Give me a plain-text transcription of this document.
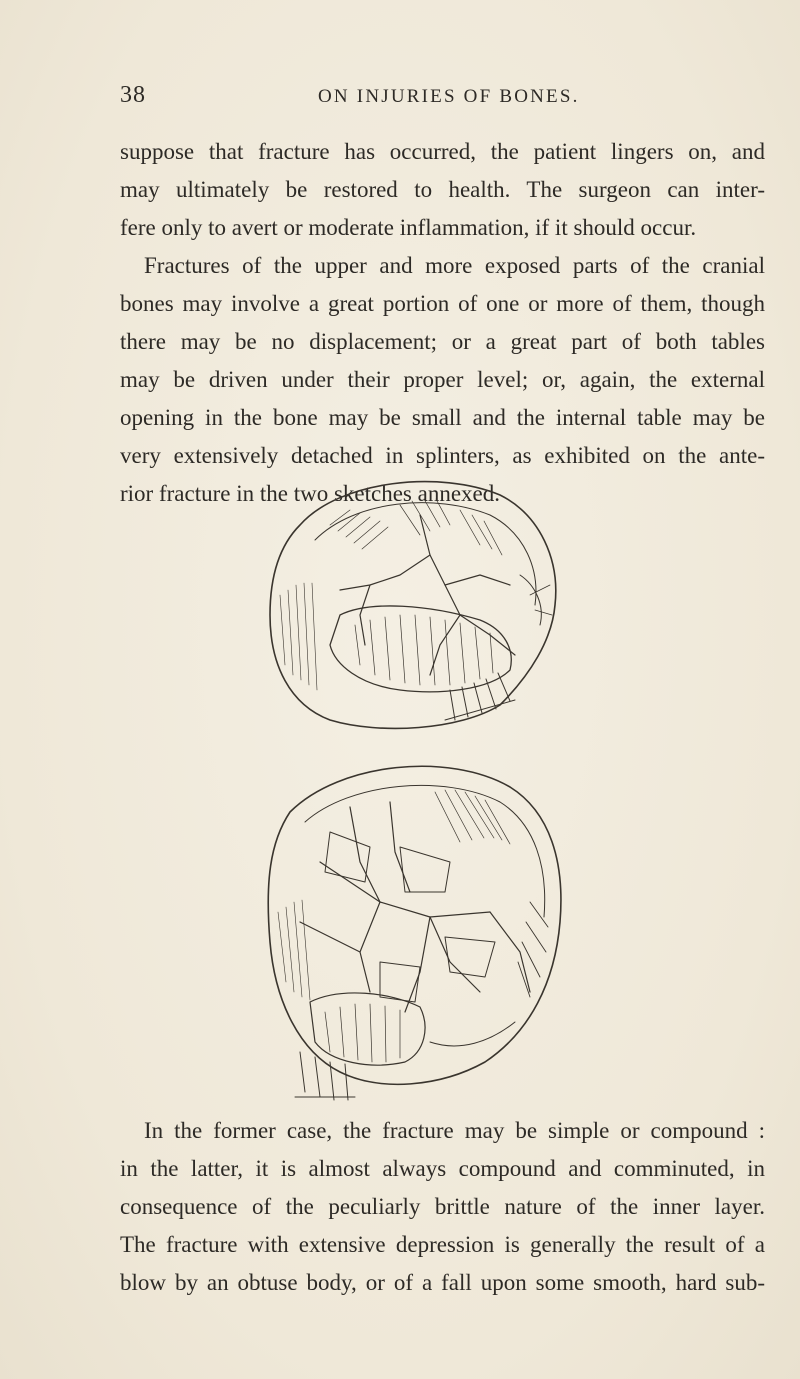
38	ON INJURIES OF BONES.
suppose that fracture has occurred, the patient lingers on, and
may ultimately be restored to health. The surgeon can inter-
fere only to avert or moderate inflammation, if it should occur.
Fractures of the upper and more exposed parts of the cranial
bones may involve a great portion of one or more of them, though
there may be no displacement; or a great part of both tables
may be driven under their proper level; or, again, the external
opening in the bone may be small and the internal table may be
very extensively detached in splinters, as exhibited on the ante-
rior fracture in the two sketches annexed.
In the former case, the fracture may be simple or compound :
in the latter, it is almost always compound and comminuted, in
consequence of the peculiarly brittle nature of the inner layer.
The fracture with extensive depression is generally the result of a
blow by an obtuse body, or of a fall upon some smooth, hard sub-
